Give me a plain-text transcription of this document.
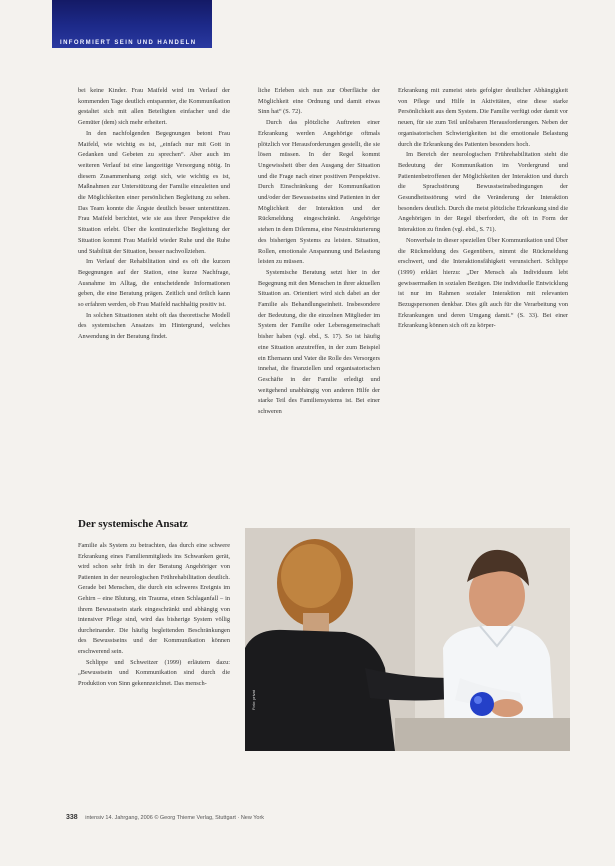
INFORMIERT SEIN UND HANDELN

bei keine Kinder. Frau Maifeld wird im Verlauf der kommenden Tage deutlich entspannter, die Kommunikation gestaltet sich mit allen Beteiligten einfacher und die Gemüter (dem) sich mehr erheitert.

In den nachfolgenden Begegnungen betont Frau Maifeld, wie wichtig es ist, „einfach nur mit Gott in Gedanken und Gebeten zu sprechen“. Aber auch im weiteren Verlauf ist eine langzeitige Versorgung nötig. In diesem Zusammenhang zeigt sich, wie wichtig es ist, Maßnahmen zur Unterstützung der Familie einzuleiten und die Möglichkeiten einer persönlichen Begleitung zu sehen. Das Team konnte die Ängste deutlich besser unterstützen. Frau Maifeld berichtet, wie sie aus ihrer Perspektive die Situation erlebt. Über die kontinuierliche Begleitung der Situation kommt Frau Maifeld wieder Ruhe und die Ruhe und Stabilität der Situation, besser nachvollziehen.

Im Verlauf der Rehabilitation sind es oft die kurzen Begegnungen auf der Station, eine kurze Nachfrage, Ausnahme im Alltag, die entscheidende Informationen geben, die eine Beratung prägen. Zeitlich und örtlich kann so erfahren werden, ob Frau Maifeld nachhaltig positiv ist.

In solchen Situationen steht oft das theoretische Modell des systemischen Ansatzes im Hintergrund, welches Anwendung in der Beratung findet.

liche Erleben sich nun zur Oberfläche der Möglichkeit eine Ordnung und damit etwas Sinn hat“ (S. 72).

Durch das plötzliche Auftreten einer Erkrankung werden Angehörige oftmals plötzlich vor Herausforderungen gestellt, die sie lösen müssen. In der Regel kommt Ungewissheit über den Ausgang der Situation und die Frage nach einer positiven Perspektive. Durch Einschränkung der Kommunikation und/oder der Bewusstseins sind Patienten in der Möglichkeit der Interaktion und der Rückmeldung eingeschränkt. Angehörige stehen in dem Dilemma, eine Neustrukturierung des bisherigen Systems zu leisten. Situation, Rollen, emotionale Anspannung und Belastung leisten zu müssen.

Systemische Beratung setzt hier in der Begegnung mit den Menschen in ihrer aktuellen Situation an. Orientiert wird sich dabei an der Familie als Behandlungseinheit. Insbesondere der Bedeutung, die die einzelnen Mitglieder im System der Familie oder Lebensgemeinschaft bisher haben (vgl. ebd., S. 17). So ist häufig eine Situation anzutreffen, in der zum Beispiel ein Ehemann und Vater die Rolle des Versorgers innehat, die finanziellen und organisatorischen Geschäfte in der Familie erledigt und weitgehend unabhängig von anderen Hilfe der starke Teil des Familiensystems ist. Bei einer schweren

Erkrankung mit zumeist stets gefolgter deutlicher Abhängigkeit von Pflege und Hilfe in Aktivitäten, eine diese starke Persönlichkeit aus dem System. Die Familie verfügt oder damit vor neuen, für sie zum Teil unlösbaren Herausforderungen. Neben der organisatorischen Schwierigkeiten ist die emotionale Belastung durch die Erkrankung des Patienten besonders hoch.

Im Bereich der neurologischen Frührehabilitation steht die Bedeutung der Kommunikation im Vordergrund und Patientenbetroffenen der Möglichkeiten der Interaktion und durch die Sprachstörung Bewusstseinsbedingungen der Gesundheitsstörung wird die Veränderung der Interaktion besonders deutlich. Durch die meist plötzliche Erkrankung sind die Angehörigen in der Regel überfordert, die oft in Form der Interaktion zu finden (vgl. ebd., S. 71).

Nonverbale in dieser speziellen Über Kommunikation und Über die Rückmeldung des Gegenübers, nimmt die Rückmeldung erschwert, und die Interaktionsfähigkeit verunsichert. Schlippe (1999) erklärt hierzu: „Der Mensch als Individuum lebt gewissermaßen in sozialen Bezügen. Die individuelle Entwicklung ist nur im Rahmen sozialer Interaktion mit relevanten Bezugspersonen denkbar. Dies gilt auch für die Verarbeitung von Erkrankungen und deren Umgang damit.“ (S. 33). Bei einer Erkrankung können sich oft zu körper-

Der systemische Ansatz

Familie als System zu betrachten, das durch eine schwere Erkrankung eines Familienmitglieds ins Schwanken gerät, wird schon sehr früh in der Beratung Angehöriger von Patienten in der neurologischen Frührehabilitation deutlich. Gerade bei Menschen, die durch ein schweres Ereignis im Gehirn – eine Blutung, ein Trauma, einen Schlaganfall – in ihrem Bewusstsein stark eingeschränkt und abhängig von intensiver Pflege sind, wird das bisherige System völlig durcheinander. Die häufig begleitenden Beschränkungen des Bewusstseins und der Kommunikation können erschwerend sein.

Schlippe und Schweitzer (1999) erläutern dazu: „Bewusstsein und Kommunikation sind durch die Produktion von Sinn gekennzeichnet. Das mensch-

Foto: privat
338 intensiv 14. Jahrgang, 2006 © Georg Thieme Verlag, Stuttgart · New York
